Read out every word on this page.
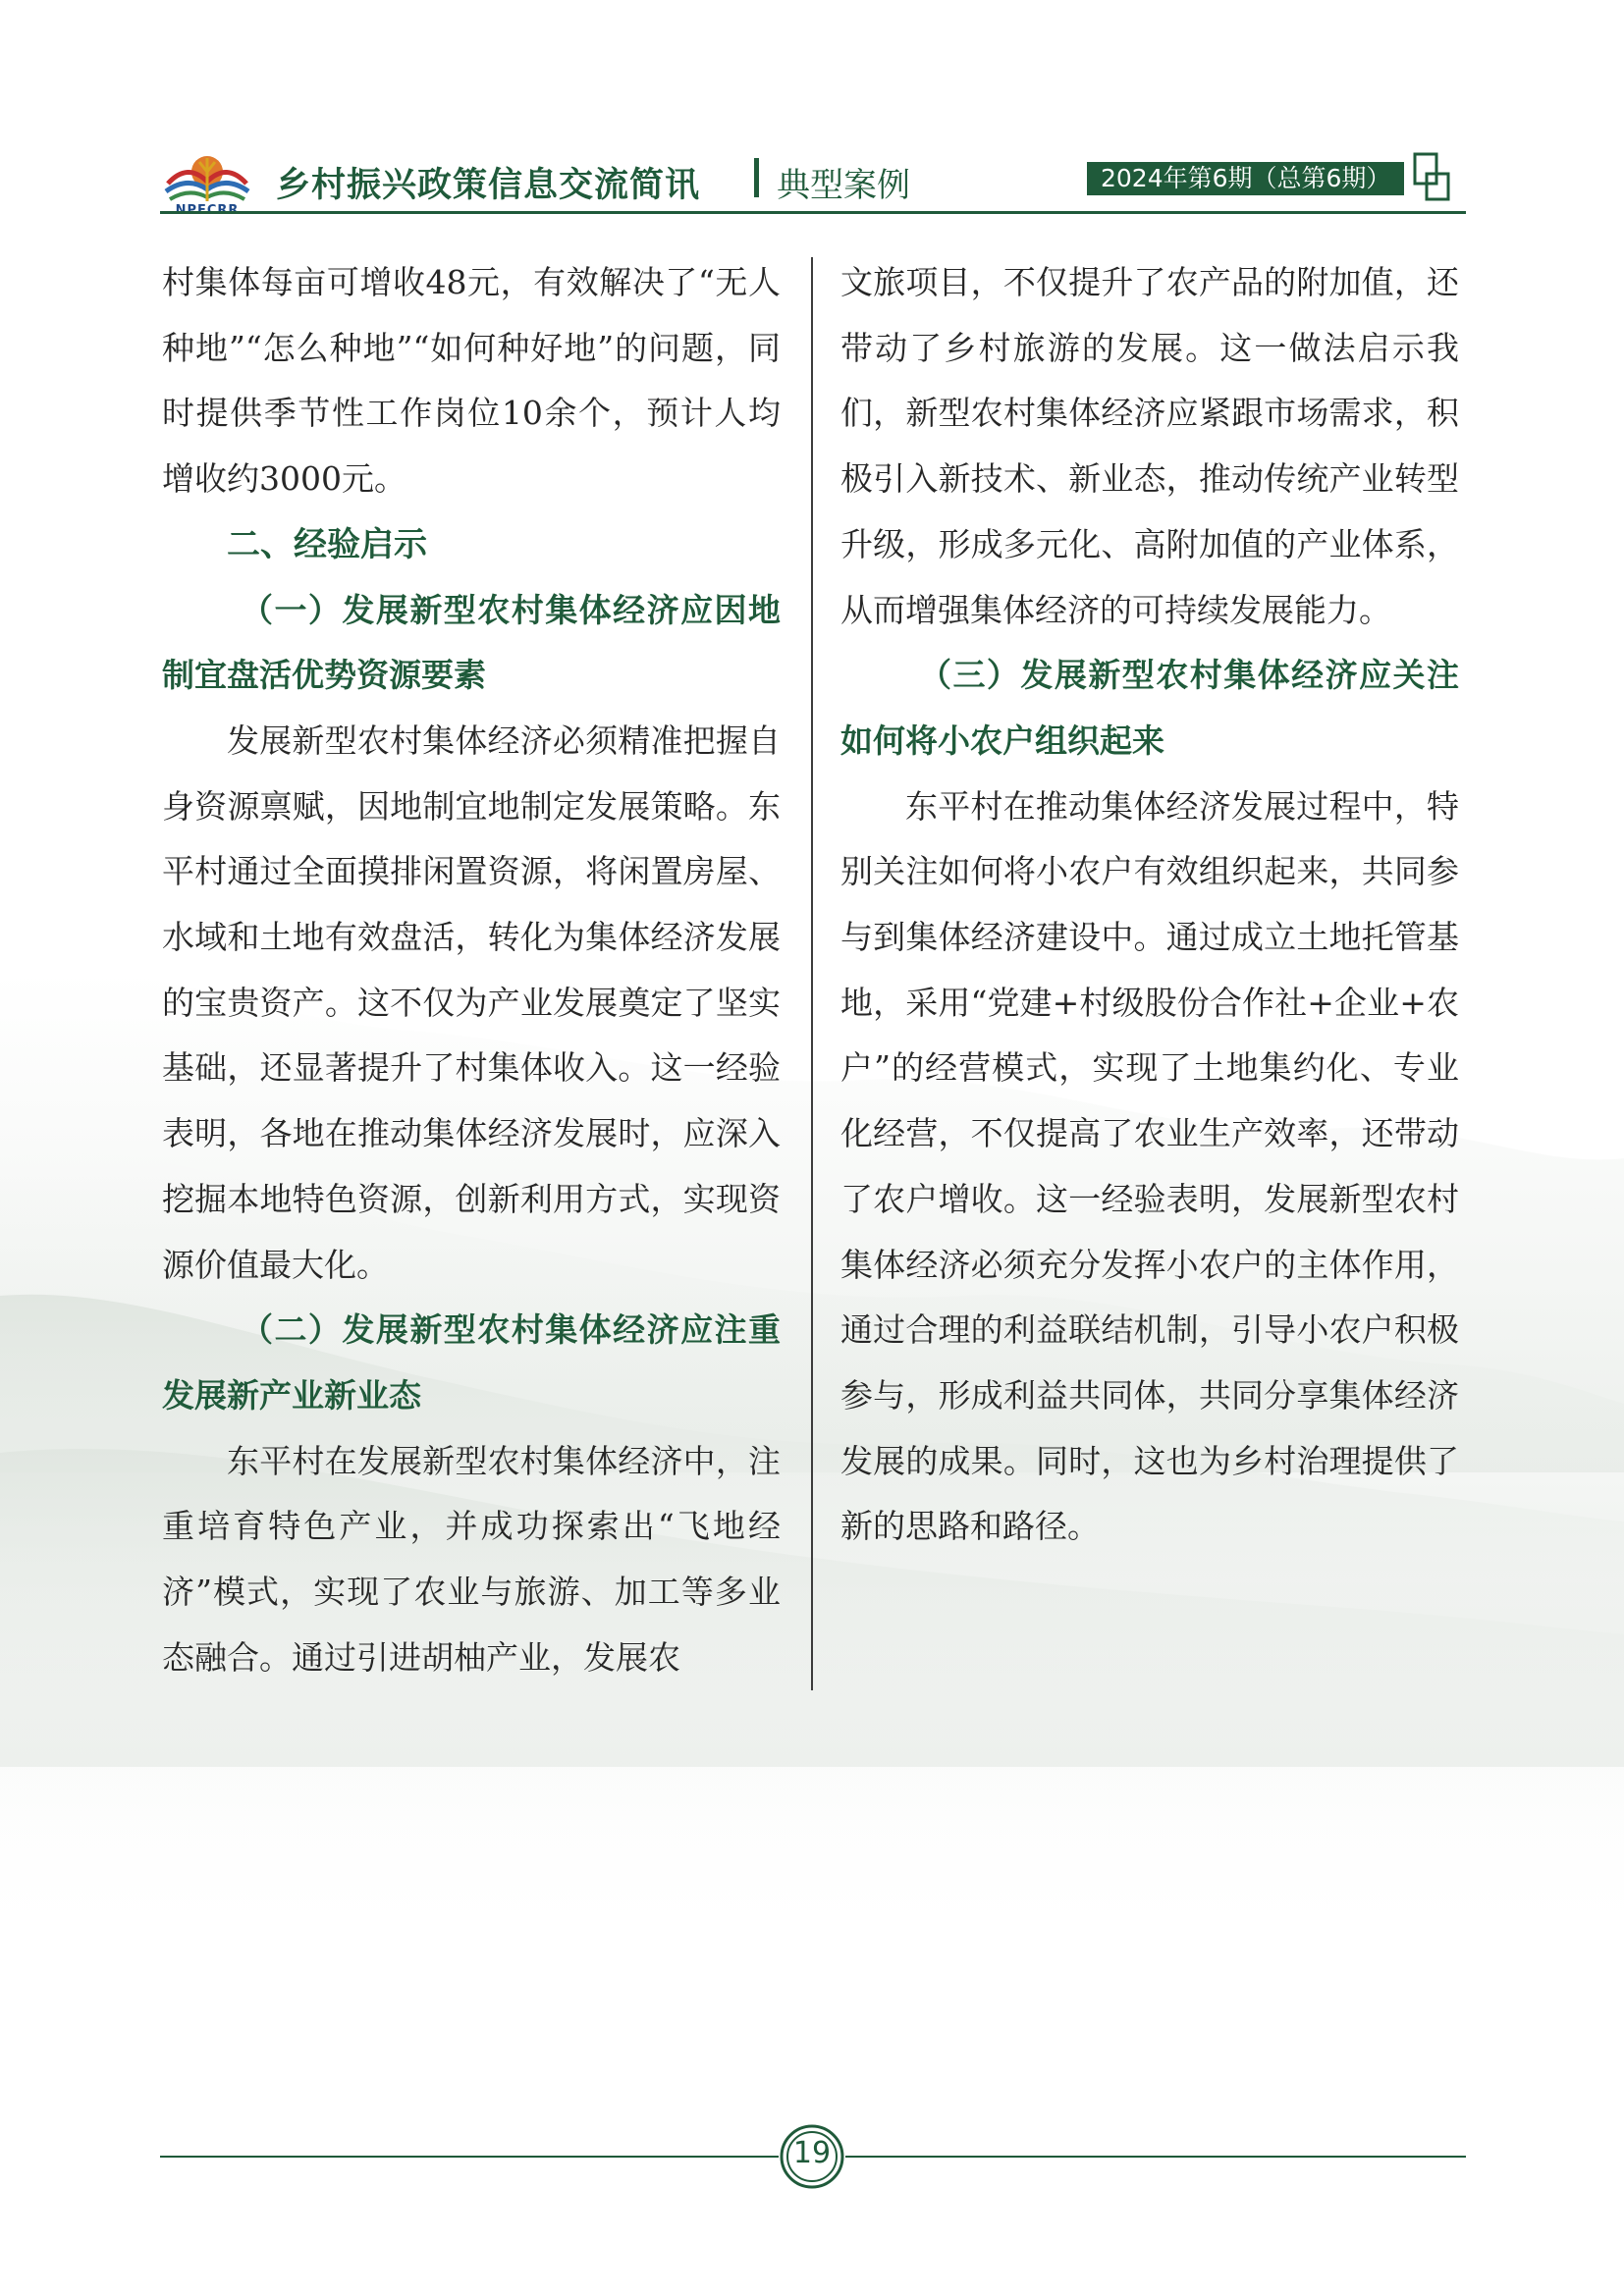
乡村振兴政策信息交流简讯 典型案例	2024年第6期（总第6期）

村集体每亩可增收48元，有效解决了“无人种地”“怎么种地”“如何种好地”的问题，同时提供季节性工作岗位10余个，预计人均增收约3000元。

二、经验启示
（一）发展新型农村集体经济应因地制宜盘活优势资源要素

发展新型农村集体经济必须精准把握自身资源禀赋，因地制宜地制定发展策略。东平村通过全面摸排闲置资源，将闲置房屋、水域和土地有效盘活，转化为集体经济发展的宝贵资产。这不仅为产业发展奠定了坚实基础，还显著提升了村集体收入。这一经验表明，各地在推动集体经济发展时，应深入挖掘本地特色资源，创新利用方式，实现资源价值最大化。

（二）发展新型农村集体经济应注重发展新产业新业态

东平村在发展新型农村集体经济中，注重培育特色产业，并成功探索出“飞地经济”模式，实现了农业与旅游、加工等多业态融合。通过引进胡柚产业，发展农

文旅项目，不仅提升了农产品的附加值，还带动了乡村旅游的发展。这一做法启示我们，新型农村集体经济应紧跟市场需求，积极引入新技术、新业态，推动传统产业转型升级，形成多元化、高附加值的产业体系，从而增强集体经济的可持续发展能力。

（三）发展新型农村集体经济应关注如何将小农户组织起来

东平村在推动集体经济发展过程中，特别关注如何将小农户有效组织起来，共同参与到集体经济建设中。通过成立土地托管基地，采用“党建+村级股份合作社+企业+农户”的经营模式，实现了土地集约化、专业化经营，不仅提高了农业生产效率，还带动了农户增收。这一经验表明，发展新型农村集体经济必须充分发挥小农户的主体作用，通过合理的利益联结机制，引导小农户积极参与，形成利益共同体，共同分享集体经济发展的成果。同时，这也为乡村治理提供了新的思路和路径。

19
